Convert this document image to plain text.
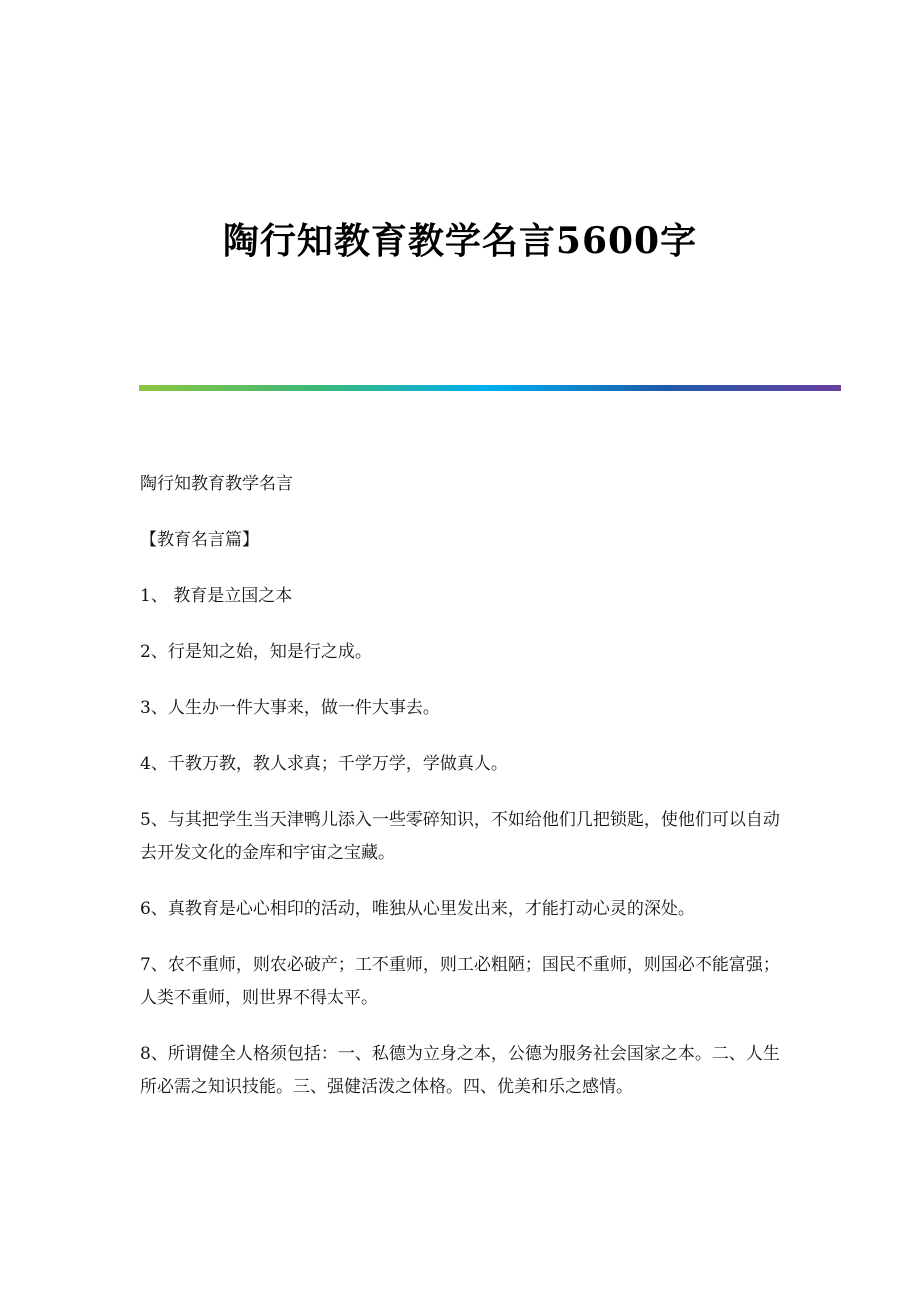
陶行知教育教学名言5600字

陶行知教育教学名言

【教育名言篇】

1、 教育是立国之本

2、行是知之始，知是行之成。

3、人生办一件大事来，做一件大事去。

4、千教万教，教人求真；千学万学，学做真人。

5、与其把学生当天津鸭儿添入一些零碎知识，不如给他们几把锁匙，使他们可以自动去开发文化的金库和宇宙之宝藏。

6、真教育是心心相印的活动，唯独从心里发出来，才能打动心灵的深处。

7、农不重师，则农必破产；工不重师，则工必粗陋；国民不重师，则国必不能富强；人类不重师，则世界不得太平。

8、所谓健全人格须包括：一、私德为立身之本，公德为服务社会国家之本。二、人生所必需之知识技能。三、强健活泼之体格。四、优美和乐之感情。
